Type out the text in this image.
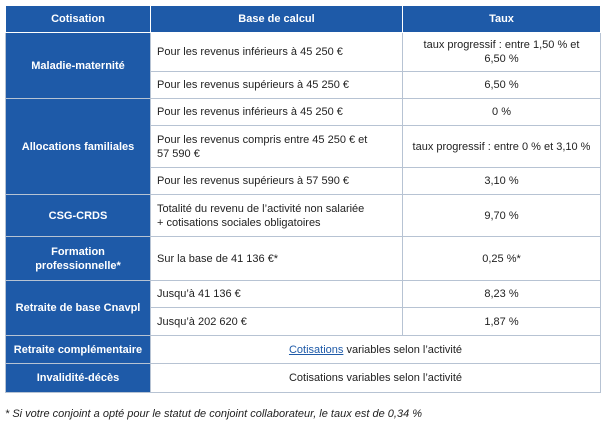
Cotisation	Base de calcul	Taux
Maladie-maternité	Pour les revenus inférieurs à 45 250 €	taux progressif : entre 1,50 % et
6,50 %
	Pour les revenus supérieurs à 45 250 €	6,50 %
Allocations familiales	Pour les revenus inférieurs à 45 250 €	0 %
	Pour les revenus compris entre 45 250 € et
57 590 €	taux progressif : entre 0 % et 3,10 %
	Pour les revenus supérieurs à 57 590 €	3,10 %
CSG-CRDS	Totalité du revenu de l’activité non salariée
+ cotisations sociales obligatoires	9,70 %
Formation
professionnelle*	Sur la base de 41 136 €*	0,25 %*
Retraite de base Cnavpl	Jusqu’à 41 136 €	8,23 %
	Jusqu’à 202 620 €	1,87 %
Retraite complémentaire	Cotisations variables selon l’activité	
Invalidité-décès	Cotisations variables selon l’activité	
* Si votre conjoint a opté pour le statut de conjoint collaborateur, le taux est de 0,34 %
